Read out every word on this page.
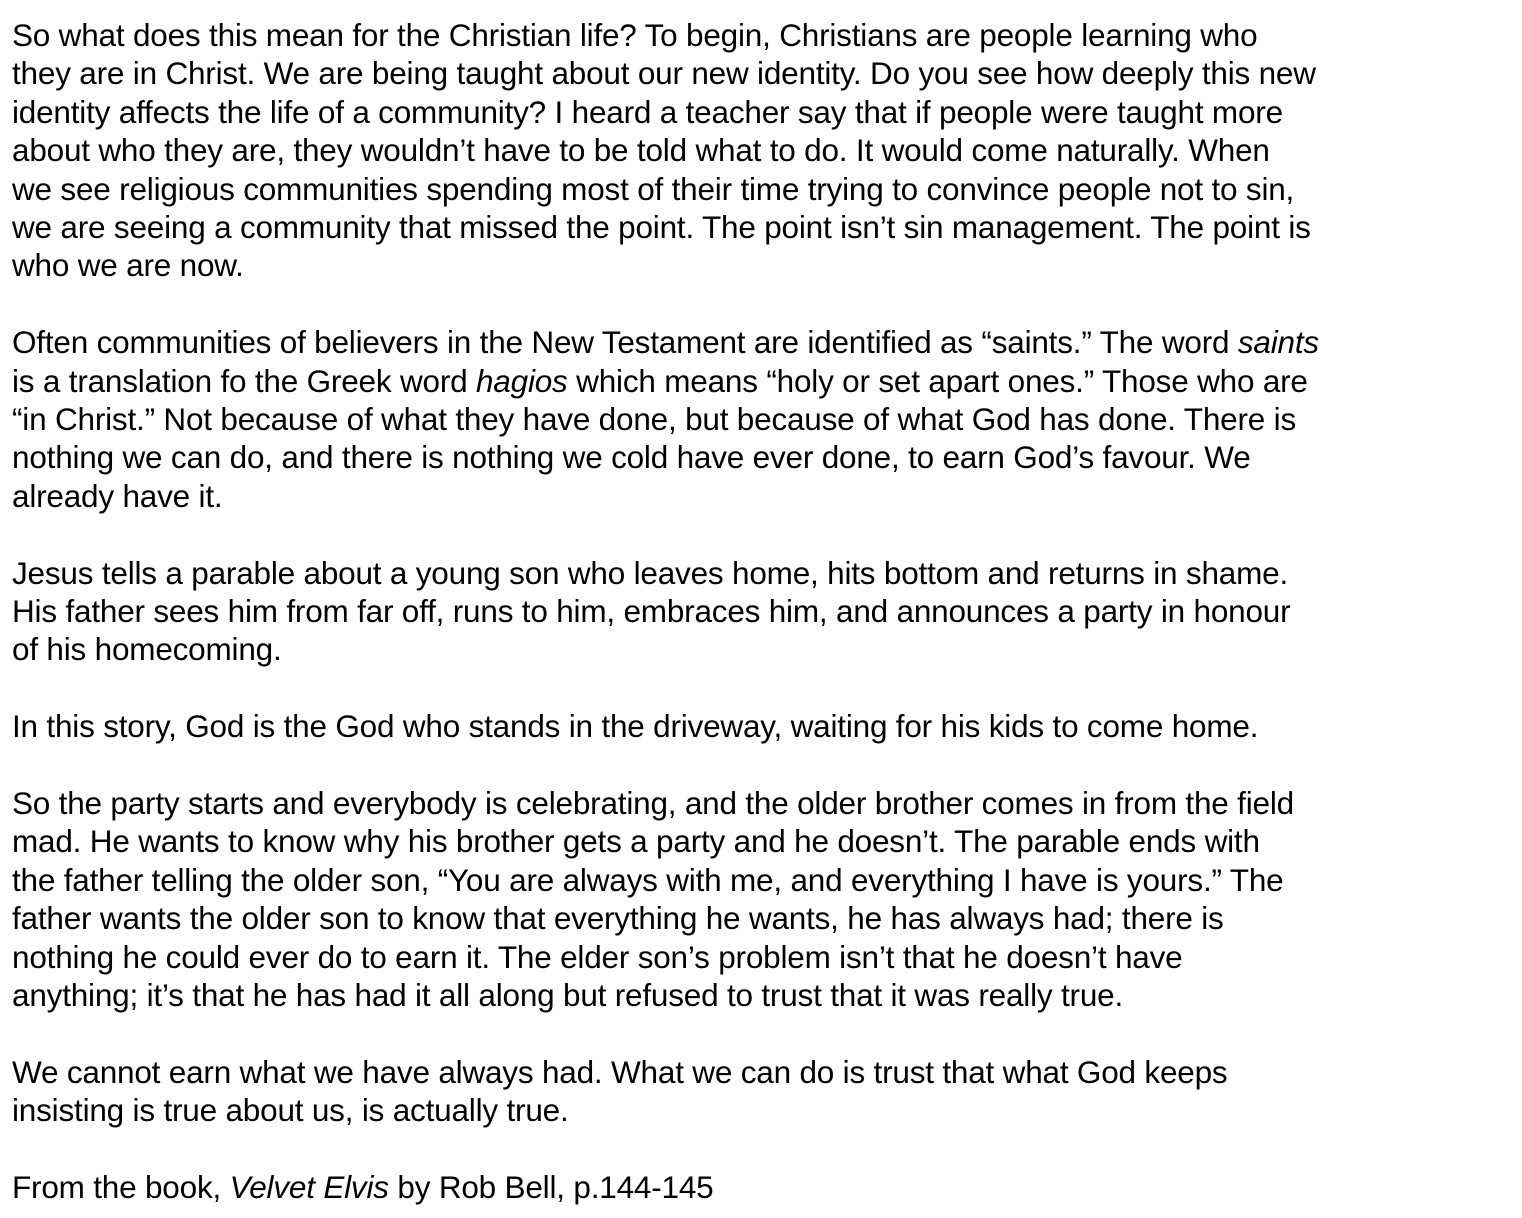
So what does this mean for the Christian life? To begin, Christians are people learning who
they are in Christ. We are being taught about our new identity. Do you see how deeply this new
identity affects the life of a community? I heard a teacher say that if people were taught more
about who they are, they wouldn’t have to be told what to do. It would come naturally. When
we see religious communities spending most of their time trying to convince people not to sin,
we are seeing a community that missed the point. The point isn’t sin management. The point is
who we are now.

Often communities of believers in the New Testament are identified as “saints.” The word saints
is a translation fo the Greek word hagios which means “holy or set apart ones.” Those who are
“in Christ.” Not because of what they have done, but because of what God has done. There is
nothing we can do, and there is nothing we cold have ever done, to earn God’s favour. We
already have it.

Jesus tells a parable about a young son who leaves home, hits bottom and returns in shame.
His father sees him from far off, runs to him, embraces him, and announces a party in honour
of his homecoming.

In this story, God is the God who stands in the driveway, waiting for his kids to come home.

So the party starts and everybody is celebrating, and the older brother comes in from the field
mad. He wants to know why his brother gets a party and he doesn’t. The parable ends with
the father telling the older son, “You are always with me, and everything I have is yours.” The
father wants the older son to know that everything he wants, he has always had; there is
nothing he could ever do to earn it. The elder son’s problem isn’t that he doesn’t have
anything; it’s that he has had it all along but refused to trust that it was really true.

We cannot earn what we have always had. What we can do is trust that what God keeps
insisting is true about us, is actually true.

From the book, Velvet Elvis by Rob Bell, p.144-145
